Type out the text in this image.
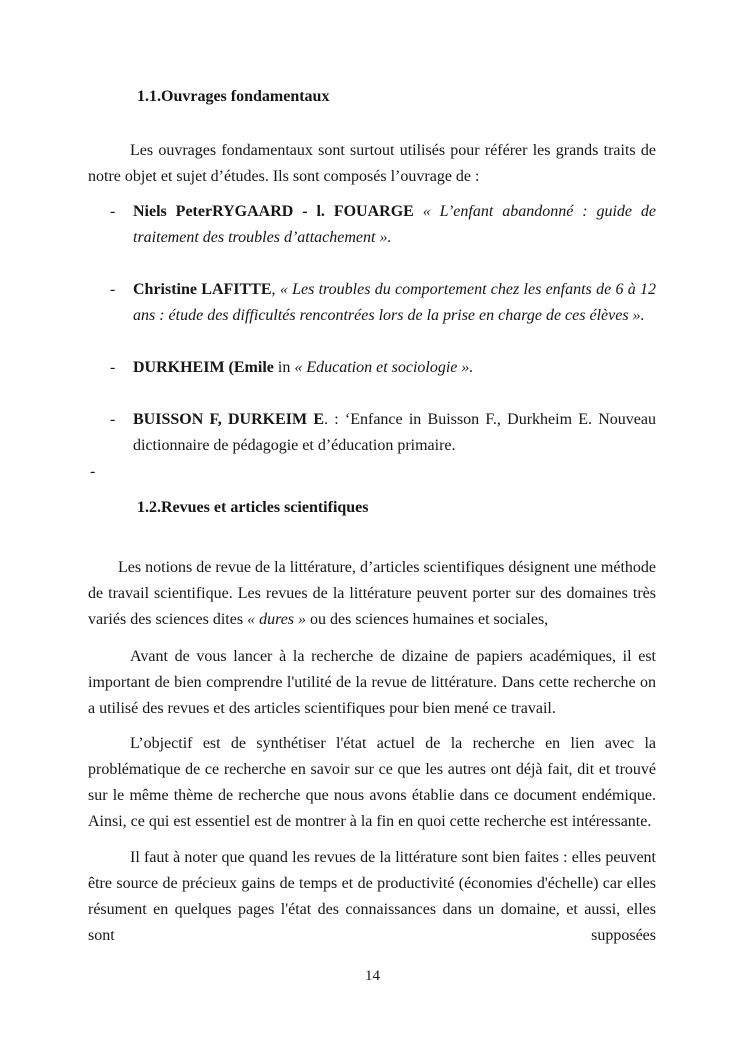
1.1.Ouvrages fondamentaux

Les ouvrages fondamentaux sont surtout utilisés pour référer les grands traits de notre objet et sujet d’études. Ils sont composés l’ouvrage de :

-	Niels PeterRYGAARD - l. FOUARGE « L’enfant abandonné : guide de traitement des troubles d’attachement ».
-	Christine LAFITTE, « Les troubles du comportement chez les enfants de 6 à 12 ans : étude des difficultés rencontrées lors de la prise en charge de ces élèves ».
-	DURKHEIM (Emile in « Education et sociologie ».
-	BUISSON F, DURKEIM E. : ‘Enfance in Buisson F., Durkheim E. Nouveau dictionnaire de pédagogie et d’éducation primaire.
-
1.2.Revues et articles scientifiques

Les notions de revue de la littérature, d’articles scientifiques désignent une méthode de travail scientifique. Les revues de la littérature peuvent porter sur des domaines très variés des sciences dites « dures » ou des sciences humaines et sociales,

Avant de vous lancer à la recherche de dizaine de papiers académiques, il est important de bien comprendre l'utilité de la revue de littérature. Dans cette recherche on a utilisé des revues et des articles scientifiques pour bien mené ce travail.

L’objectif est de synthétiser l'état actuel de la recherche en lien avec la problématique de ce recherche en savoir sur ce que les autres ont déjà fait, dit et trouvé sur le même thème de recherche que nous avons établie dans ce document endémique. Ainsi, ce qui est essentiel est de montrer à la fin en quoi cette recherche est intéressante.

Il faut à noter que quand les revues de la littérature sont bien faites : elles peuvent être source de précieux gains de temps et de productivité (économies d'échelle) car elles résument en quelques pages l'état des connaissances dans un domaine, et aussi, elles sont supposées

14
